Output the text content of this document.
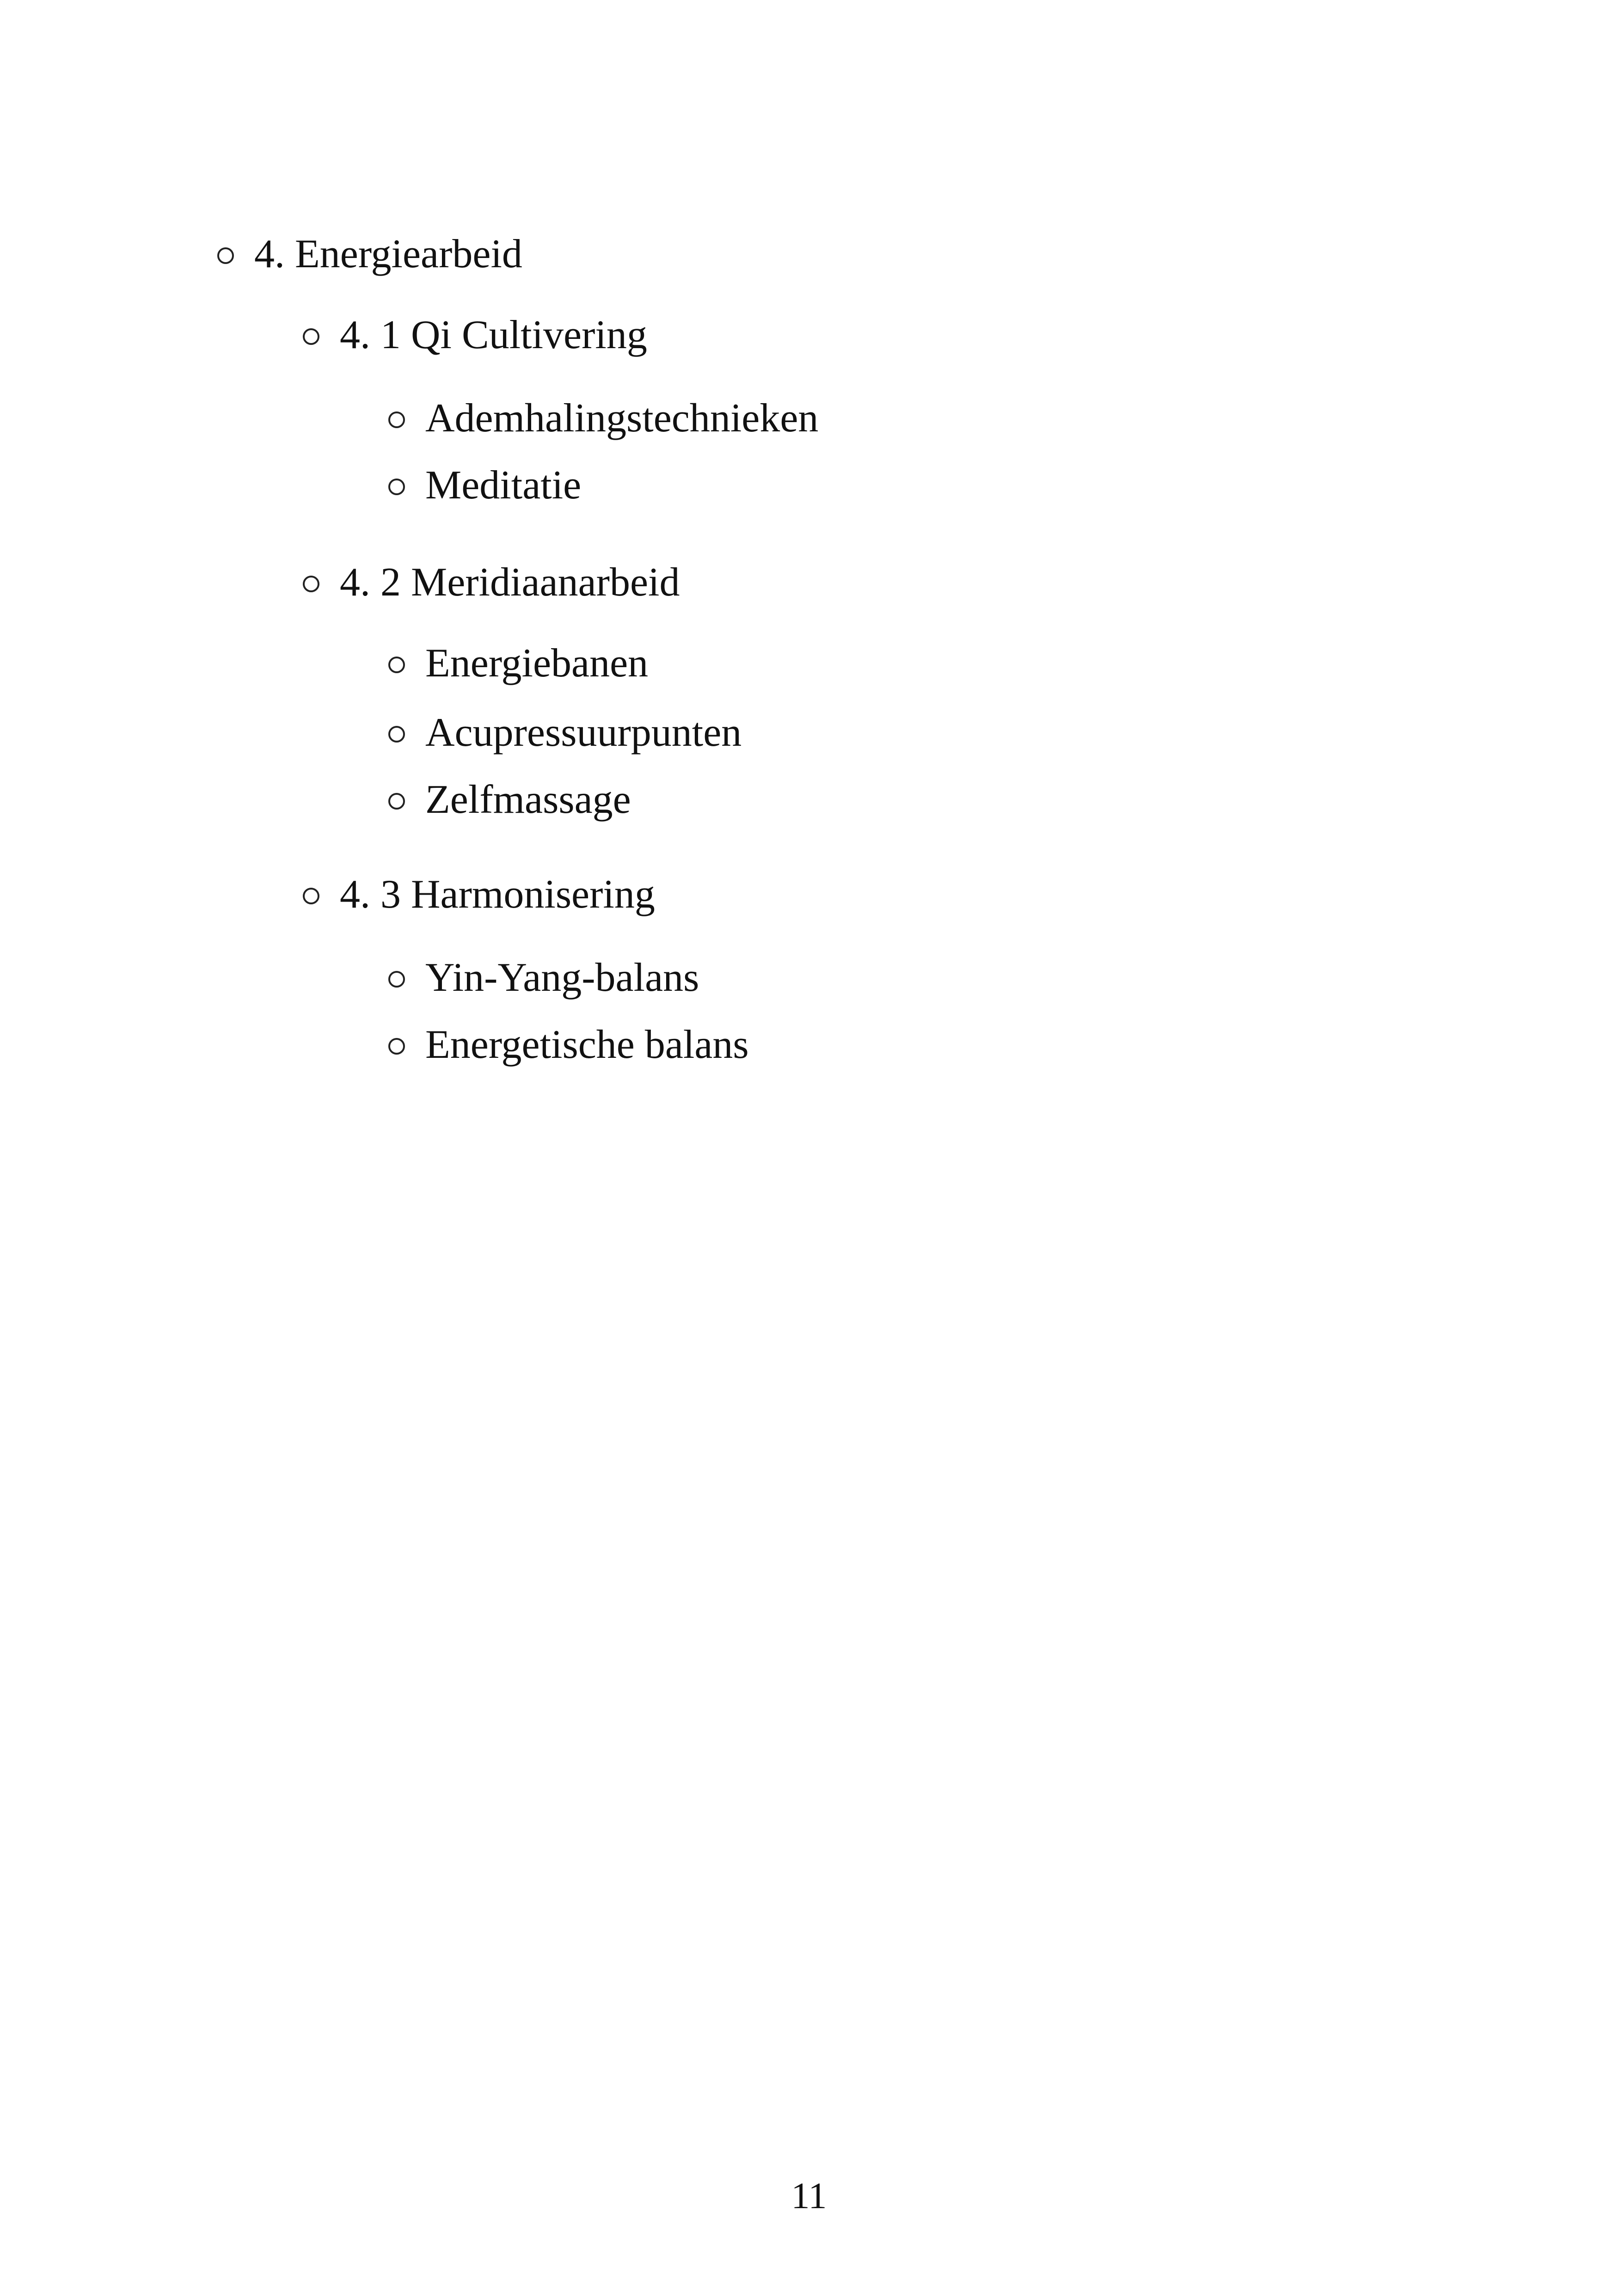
4. Energiearbeid
4. 1 Qi Cultivering
Ademhalingstechnieken
Meditatie
4. 2 Meridiaanarbeid
Energiebanen
Acupressuurpunten
Zelfmassage
4. 3 Harmonisering
Yin-Yang-balans
Energetische balans
11
